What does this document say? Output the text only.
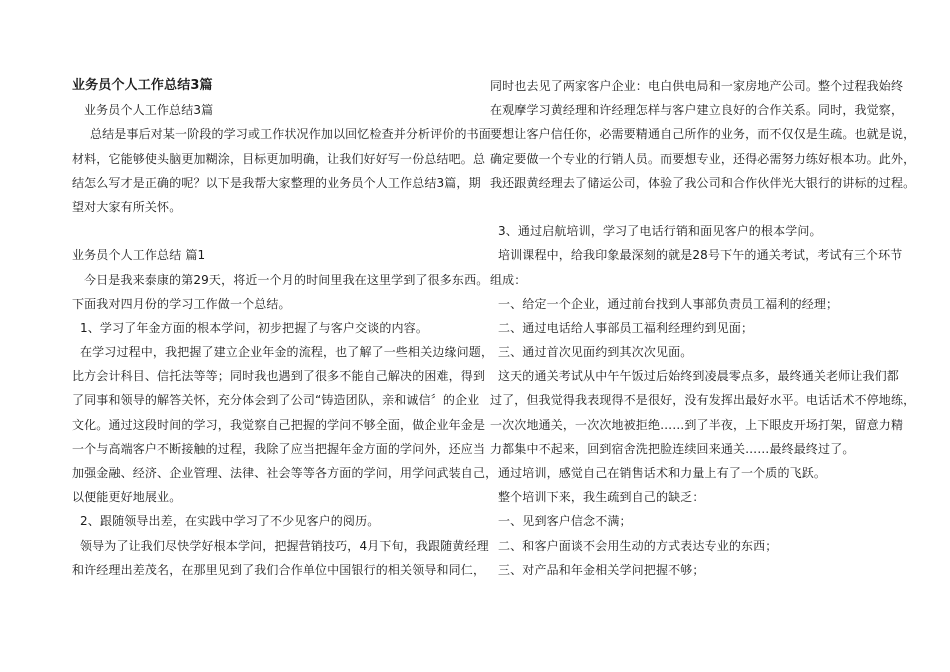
业务员个人工作总结3篇
业务员个人工作总结3篇
总结是事后对某一阶段的学习或工作状况作加以回忆检查并分析评价的书面
材料，它能够使头脑更加糊涂，目标更加明确，让我们好好写一份总结吧。总
结怎么写才是正确的呢？以下是我帮大家整理的业务员个人工作总结3篇，期
望对大家有所关怀。
业务员个人工作总结 篇1
今日是我来泰康的第29天，将近一个月的时间里我在这里学到了很多东西。
下面我对四月份的学习工作做一个总结。
1、学习了年金方面的根本学问，初步把握了与客户交谈的内容。
在学习过程中，我把握了建立企业年金的流程，也了解了一些相关边缘问题，
比方会计科目、信托法等等；同时我也遇到了很多不能自己解决的困难，得到
了同事和领导的解答关怀，充分体会到了公司“铸造团队，亲和诚信〞的企业
文化。通过这段时间的学习，我觉察自己把握的学问不够全面，做企业年金是
一个与高端客户不断接触的过程，我除了应当把握年金方面的学问外，还应当
加强金融、经济、企业管理、法律、社会等等各方面的学问，用学问武装自己，
以便能更好地展业。
2、跟随领导出差，在实践中学习了不少见客户的阅历。
领导为了让我们尽快学好根本学问，把握营销技巧，4月下旬，我跟随黄经理
和许经理出差茂名，在那里见到了我们合作单位中国银行的相关领导和同仁，
同时也去见了两家客户企业：电白供电局和一家房地产公司。整个过程我始终
在观摩学习黄经理和许经理怎样与客户建立良好的合作关系。同时，我觉察，
要想让客户信任你，必需要精通自己所作的业务，而不仅仅是生疏。也就是说，
确定要做一个专业的行销人员。而要想专业，还得必需努力练好根本功。此外，
我还跟黄经理去了储运公司，体验了我公司和合作伙伴光大银行的讲标的过程。
3、通过启航培训，学习了电话行销和面见客户的根本学问。
培训课程中，给我印象最深刻的就是28号下午的通关考试，考试有三个环节
组成：
一、给定一个企业，通过前台找到人事部负责员工福利的经理；
二、通过电话给人事部员工福利经理约到见面；
三、通过首次见面约到其次次见面。
这天的通关考试从中午午饭过后始终到凌晨零点多，最终通关老师让我们都
过了，但我觉得我表现得不是很好，没有发挥出最好水平。电话话术不停地练，
一次次地通关，一次次地被拒绝……到了半夜，上下眼皮开场打架，留意力精
力都集中不起来，回到宿舍洗把脸连续回来通关……最终最终过了。
通过培训，感觉自己在销售话术和力量上有了一个质的飞跃。
整个培训下来，我生疏到自己的缺乏：
一、见到客户信念不满；
二、和客户面谈不会用生动的方式表达专业的东西；
三、对产品和年金相关学问把握不够；
